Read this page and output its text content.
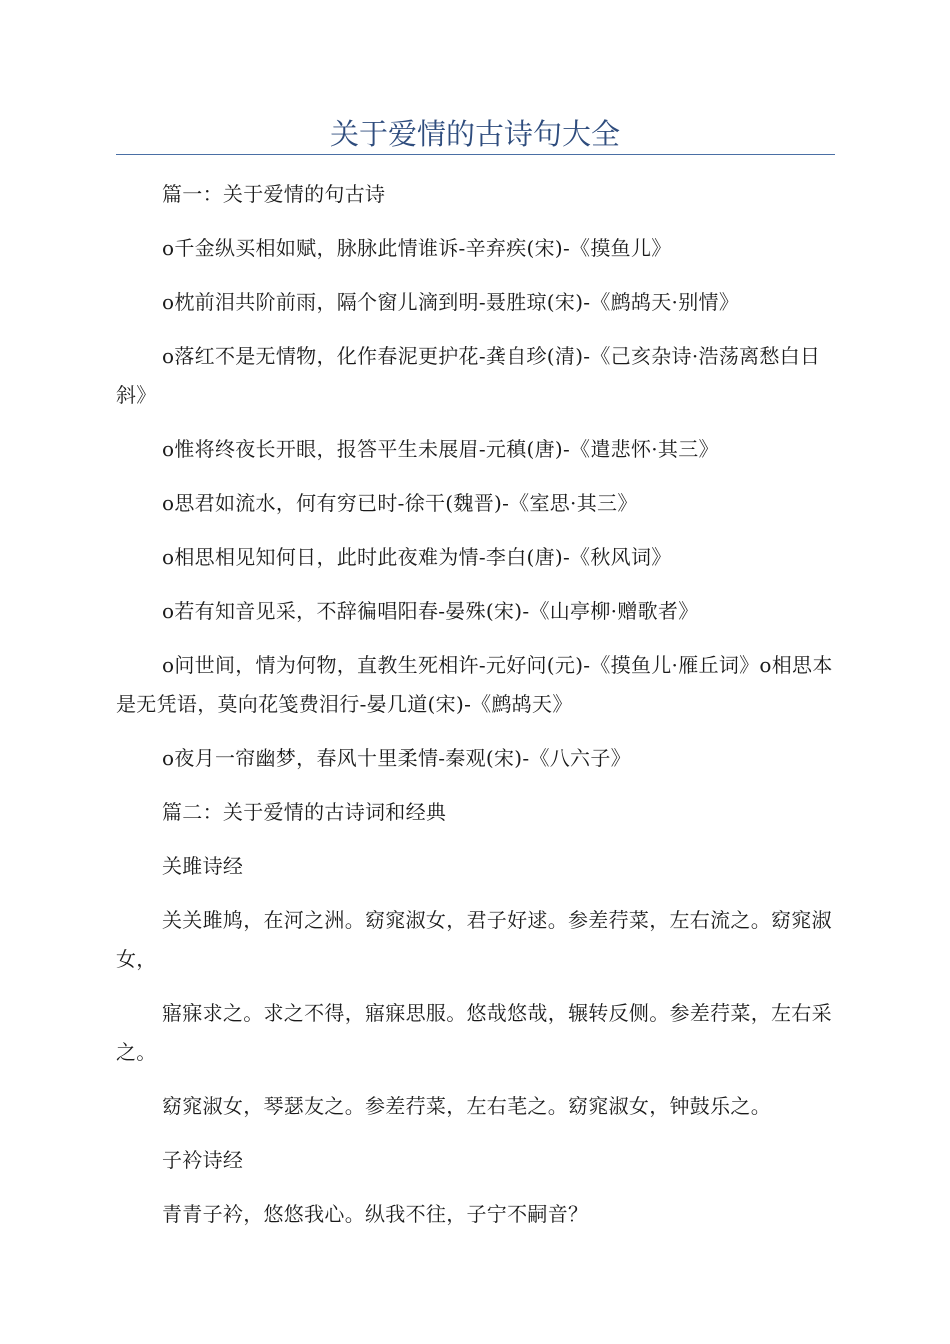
关于爱情的古诗句大全

篇一：关于爱情的句古诗

o千金纵买相如赋，脉脉此情谁诉-辛弃疾(宋)-《摸鱼儿》

o枕前泪共阶前雨，隔个窗儿滴到明-聂胜琼(宋)-《鹧鸪天·别情》

o落红不是无情物，化作春泥更护花-龚自珍(清)-《己亥杂诗·浩荡离愁白日斜》

o惟将终夜长开眼，报答平生未展眉-元稹(唐)-《遣悲怀·其三》

o思君如流水，何有穷已时-徐干(魏晋)-《室思·其三》

o相思相见知何日，此时此夜难为情-李白(唐)-《秋风词》

o若有知音见采，不辞徧唱阳春-晏殊(宋)-《山亭柳·赠歌者》

o问世间，情为何物，直教生死相许-元好问(元)-《摸鱼儿·雁丘词》o相思本是无凭语，莫向花笺费泪行-晏几道(宋)-《鹧鸪天》

o夜月一帘幽梦，春风十里柔情-秦观(宋)-《八六子》

篇二：关于爱情的古诗词和经典

关雎诗经

关关雎鸠，在河之洲。窈窕淑女，君子好逑。参差荇菜，左右流之。窈窕淑女，

寤寐求之。求之不得，寤寐思服。悠哉悠哉，辗转反侧。参差荇菜，左右采之。

窈窕淑女，琴瑟友之。参差荇菜，左右芼之。窈窕淑女，钟鼓乐之。

子衿诗经

青青子衿，悠悠我心。纵我不往，子宁不嗣音？
